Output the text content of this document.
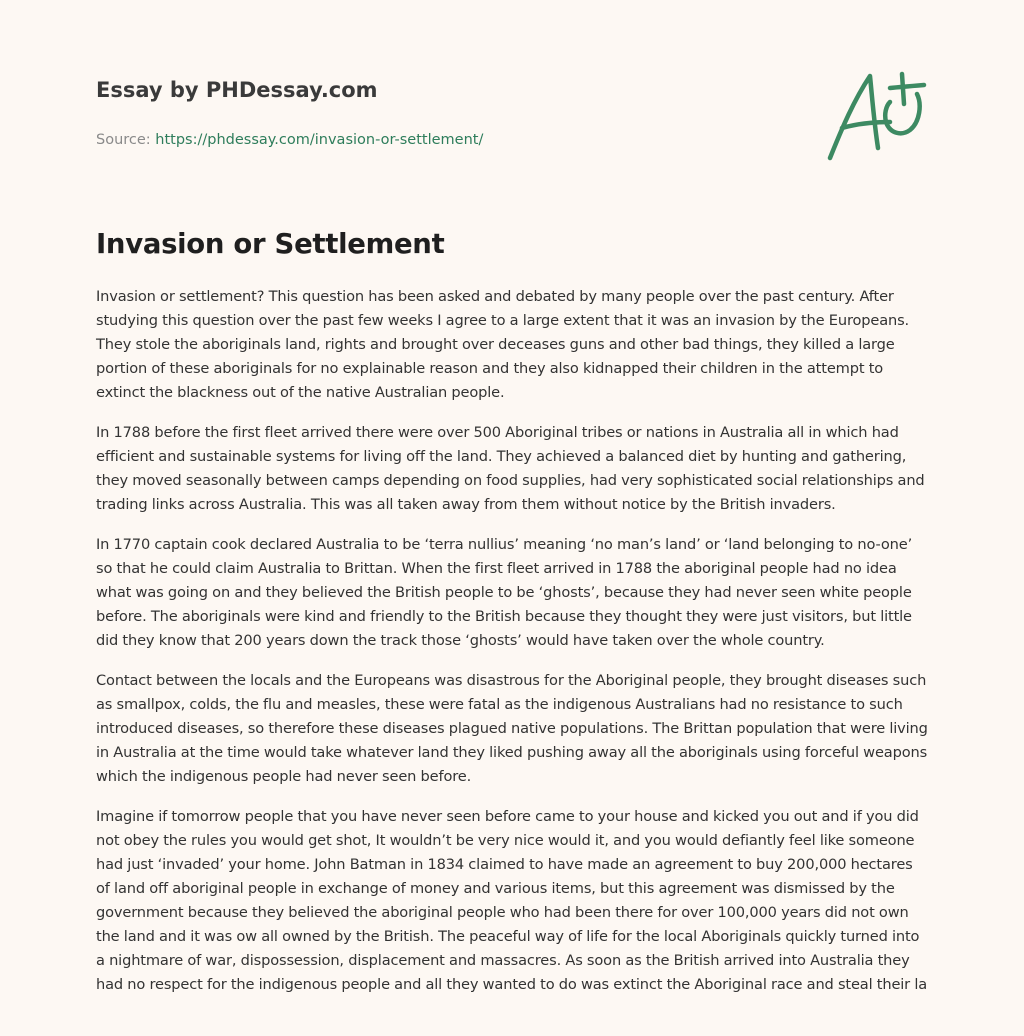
Essay by PHDessay.com
Source: https://phdessay.com/invasion-or-settlement/
Invasion or Settlement

Invasion or settlement? This question has been asked and debated by many people over the past century. After studying this question over the past few weeks I agree to a large extent that it was an invasion by the Europeans. They stole the aboriginals land, rights and brought over deceases guns and other bad things, they killed a large portion of these aboriginals for no explainable reason and they also kidnapped their children in the attempt to extinct the blackness out of the native Australian people.

In 1788 before the first fleet arrived there were over 500 Aboriginal tribes or nations in Australia all in which had efficient and sustainable systems for living off the land. They achieved a balanced diet by hunting and gathering, they moved seasonally between camps depending on food supplies, had very sophisticated social relationships and trading links across Australia. This was all taken away from them without notice by the British invaders.

In 1770 captain cook declared Australia to be ‘terra nullius’ meaning ‘no man’s land’ or ‘land belonging to no-one’ so that he could claim Australia to Brittan. When the first fleet arrived in 1788 the aboriginal people had no idea what was going on and they believed the British people to be ‘ghosts’, because they had never seen white people before. The aboriginals were kind and friendly to the British because they thought they were just visitors, but little did they know that 200 years down the track those ‘ghosts’ would have taken over the whole country.

Contact between the locals and the Europeans was disastrous for the Aboriginal people, they brought diseases such as smallpox, colds, the flu and measles, these were fatal as the indigenous Australians had no resistance to such introduced diseases, so therefore these diseases plagued native populations. The Brittan population that were living in Australia at the time would take whatever land they liked pushing away all the aboriginals using forceful weapons which the indigenous people had never seen before.

Imagine if tomorrow people that you have never seen before came to your house and kicked you out and if you did not obey the rules you would get shot, It wouldn’t be very nice would it, and you would defiantly feel like someone had just ‘invaded’ your home. John Batman in 1834 claimed to have made an agreement to buy 200,000 hectares of land off aboriginal people in exchange of money and various items, but this agreement was dismissed by the government because they believed the aboriginal people who had been there for over 100,000 years did not own the land and it was ow all owned by the British. The peaceful way of life for the local Aboriginals quickly turned into a nightmare of war, dispossession, displacement and massacres. As soon as the British arrived into Australia they had no respect for the indigenous people and all they wanted to do was extinct the Aboriginal race and steal their la
